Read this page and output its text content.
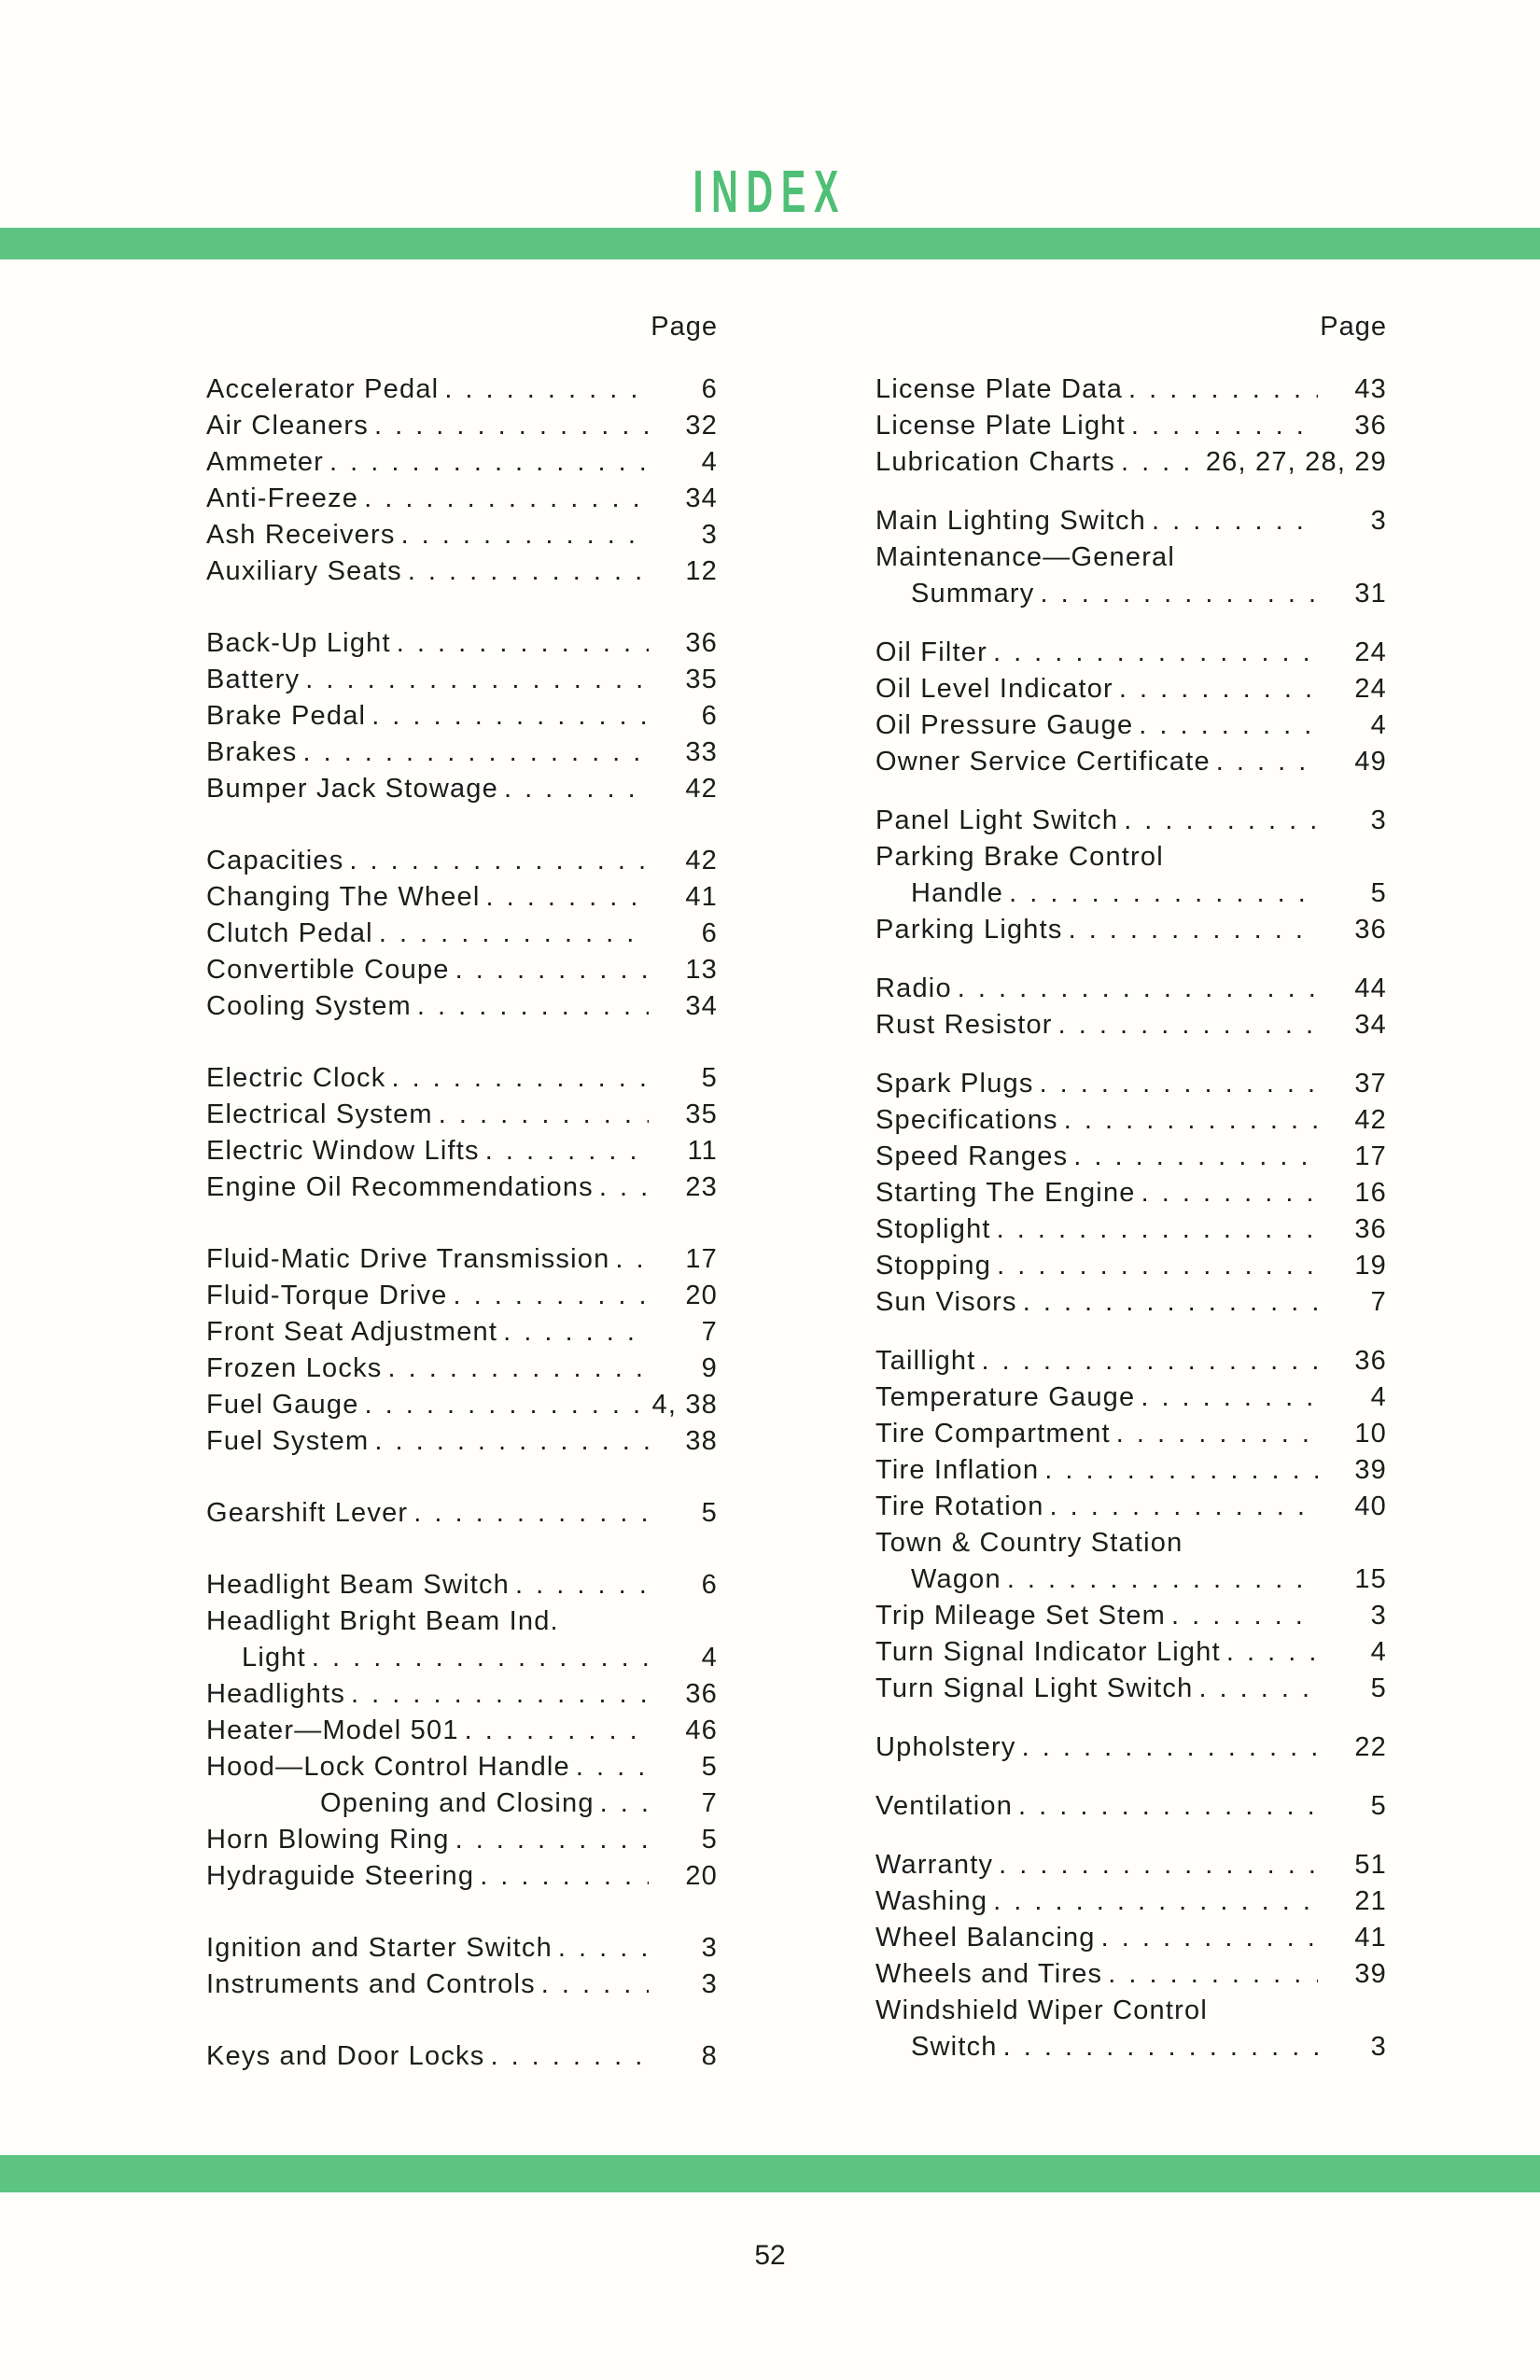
INDEX
Page
Accelerator Pedal . . .	6
Air Cleaners . . .	32
Ammeter . . .	4
Anti-Freeze . . .	34
Ash Receivers . . .	3
Auxiliary Seats . . .	12
Back-Up Light . . .	36
Battery . . .	35
Brake Pedal . . .	6
Brakes . . .	33
Bumper Jack Stowage . . .	42
Capacities . . .	42
Changing The Wheel . . .	41
Clutch Pedal . . .	6
Convertible Coupe . . .	13
Cooling System . . .	34
Electric Clock . . .	5
Electrical System . . .	35
Electric Window Lifts . . .	11
Engine Oil Recommendations . . .	23
Fluid-Matic Drive Transmission . . .	17
Fluid-Torque Drive . . .	20
Front Seat Adjustment . . .	7
Frozen Locks . . .	9
Fuel Gauge . . .	4, 38
Fuel System . . .	38
Gearshift Lever . . .	5
Headlight Beam Switch . . .	6
Headlight Bright Beam Ind.
Light . . .	4
Headlights . . .	36
Heater—Model 501 . . .	46
Hood—Lock Control Handle . . .	5
Opening and Closing . . .	7
Horn Blowing Ring . . .	5
Hydraguide Steering . . .	20
Ignition and Starter Switch . . .	3
Instruments and Controls . . .	3
Keys and Door Locks . . .	8
Page
License Plate Data . . .	43
License Plate Light . . .	36
Lubrication Charts . . .	26, 27, 28, 29
Main Lighting Switch . . .	3
Maintenance—General
Summary . . .	31
Oil Filter . . .	24
Oil Level Indicator . . .	24
Oil Pressure Gauge . . .	4
Owner Service Certificate . . .	49
Panel Light Switch . . .	3
Parking Brake Control
Handle . . .	5
Parking Lights . . .	36
Radio . . .	44
Rust Resistor . . .	34
Spark Plugs . . .	37
Specifications . . .	42
Speed Ranges . . .	17
Starting The Engine . . .	16
Stoplight . . .	36
Stopping . . .	19
Sun Visors . . .	7
Taillight . . .	36
Temperature Gauge . . .	4
Tire Compartment . . .	10
Tire Inflation . . .	39
Tire Rotation . . .	40
Town & Country Station
Wagon . . .	15
Trip Mileage Set Stem . . .	3
Turn Signal Indicator Light . . .	4
Turn Signal Light Switch . . .	5
Upholstery . . .	22
Ventilation . . .	5
Warranty . . .	51
Washing . . .	21
Wheel Balancing . . .	41
Wheels and Tires . . .	39
Windshield Wiper Control
Switch . . .	3
52
